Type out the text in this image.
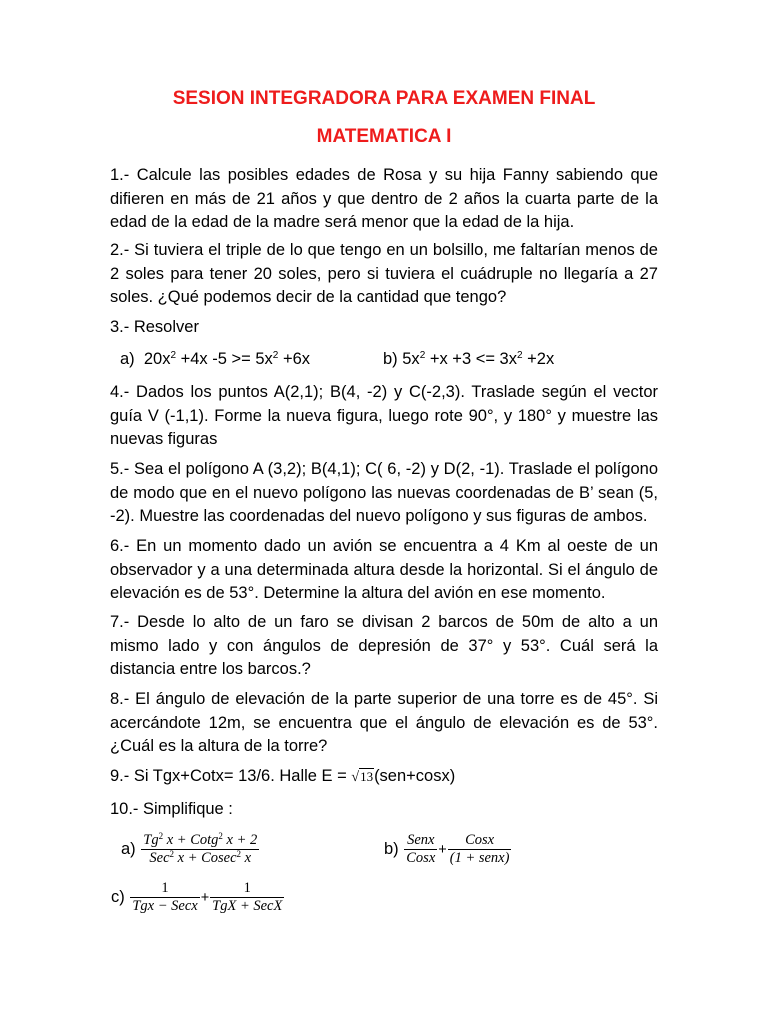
SESION INTEGRADORA PARA EXAMEN FINAL
MATEMATICA I
1.- Calcule las posibles edades de Rosa y su hija Fanny sabiendo que difieren en más de 21 años y que dentro de 2 años la cuarta parte de la edad de la edad de la madre será menor que la edad de la hija.
2.- Si tuviera el triple de lo que tengo en un bolsillo, me faltarían menos de 2 soles para tener 20 soles, pero si tuviera el cuádruple no llegaría a 27 soles. ¿Qué podemos decir de la cantidad que tengo?
3.- Resolver
a) $20x^2 +4x$ $-5 >= 5x^2 +6x$	b) $5x^2 +x +3 <= 3x^2 +2x$
4.- Dados los puntos A(2,1); B(4, -2) y C(-2,3). Traslade según el vector guía V (-1,1). Forme la nueva figura, luego rote 90°, y 180° y muestre las nuevas figuras
5.- Sea el polígono A (3,2); B(4,1); C( 6, -2) y D(2, -1). Traslade el polígono de modo que en el nuevo polígono las nuevas coordenadas de B’ sean (5, -2). Muestre las coordenadas del nuevo polígono y sus figuras de ambos.
6.- En un momento dado un avión se encuentra a 4 Km al oeste de un observador y a una determinada altura desde la horizontal. Si el ángulo de elevación es de 53°. Determine la altura del avión en ese momento.
7.- Desde lo alto de un faro se divisan 2 barcos de 50m de alto a un mismo lado y con ángulos de depresión de 37° y 53°. Cuál será la distancia entre los barcos.?
8.- El ángulo de elevación de la parte superior de una torre es de 45°. Si acercándote 12m, se encuentra que el ángulo de elevación es de 53°. ¿Cuál es la altura de la torre?
9.- Si Tgx+Cotx= 13/6. Halle E = √13(sen+cosx)
10.- Simplifique :
$a) \frac{Tg^2 x + Cotg^2 x + 2}{Sec^2 x + Cosec^2 x}$	$b) \frac{\text{Senx}}{\text{Cosx}} + \frac{\text{Cosx}}{\text{(1 + senx)}}$
$c) \frac{1}{\text{Tgx − Secx}} + \frac{1}{\text{TgX + SecX}}$
